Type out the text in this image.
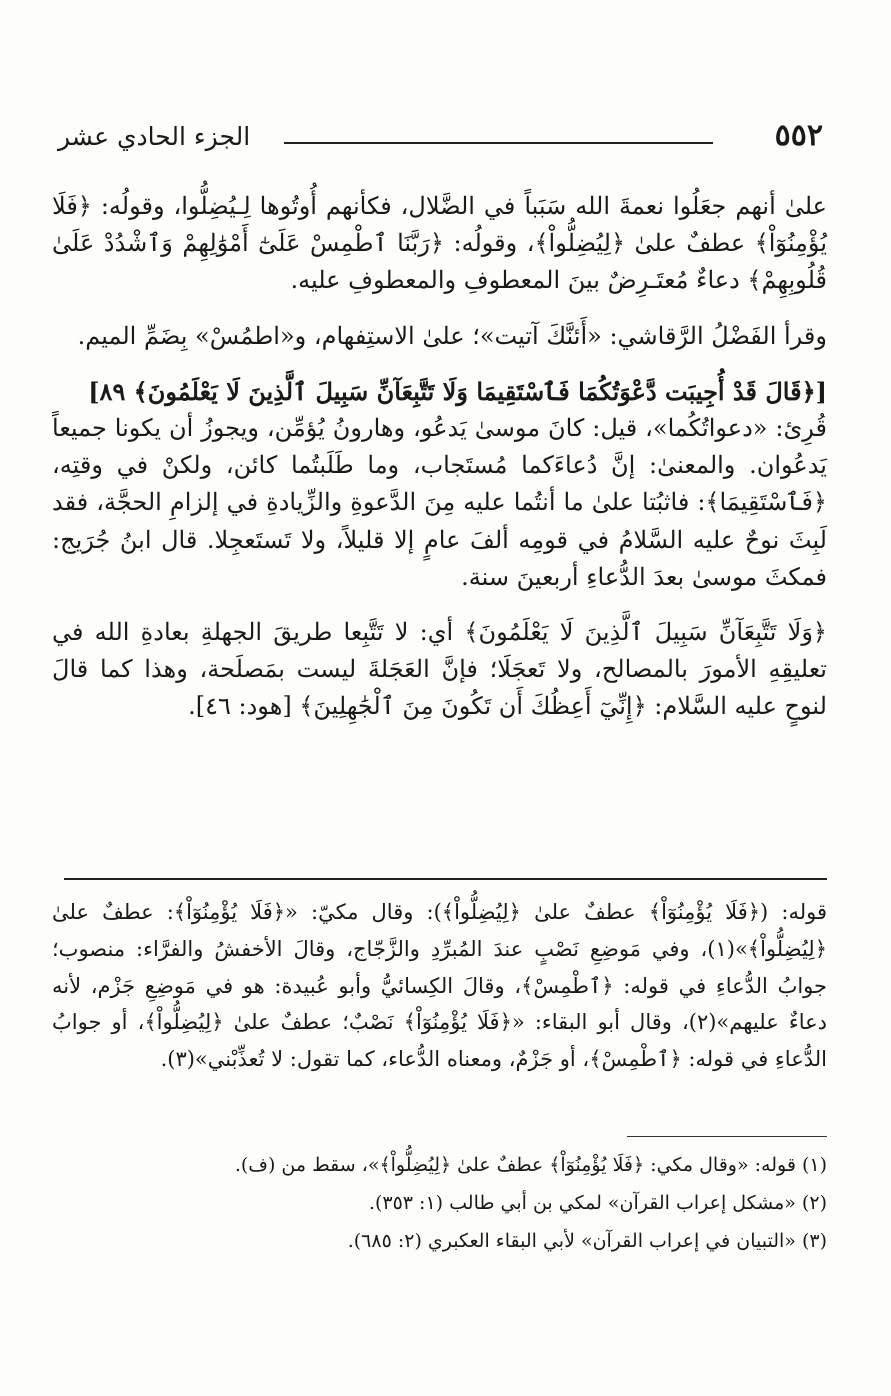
الجزء الحادي عشر	٥٥٢

علىٰ أنهم جعَلُوا نعمةَ الله سَبَباً في الضَّلال، فكأنهم أُوتُوها لِـيُضِلُّوا، وقولُه: ﴿فَلَا يُؤْمِنُوٓاْ﴾ عطفٌ علىٰ ﴿لِيُضِلُّواْ﴾، وقولُه: ﴿رَبَّنَا ٱطْمِسْ عَلَىٰٓ أَمْوَٰلِهِمْ وَٱشْدُدْ عَلَىٰ قُلُوبِهِمْ﴾ دعاءٌ مُعتَـرِضٌ بينَ المعطوفِ والمعطوفِ عليه.

وقرأ الفَضْلُ الرَّقاشي: «أَئنَّكَ آتيت»؛ علىٰ الاستِفهام، و«اطمُسْ» بِضَمِّ الميم.

[﴿قَالَ قَدْ أُجِيبَت دَّعْوَتُكُمَا فَٱسْتَقِيمَا وَلَا تَتَّبِعَآنِّ سَبِيلَ ٱلَّذِينَ لَا يَعْلَمُونَ﴾ ٨٩]

قُرِئ: «دعواتُكُما»، قيل: كانَ موسىٰ يَدعُو، وهارونُ يُؤمِّن، ويجوزُ أن يكونا جميعاً يَدعُوان. والمعنىٰ: إنَّ دُعاءَكما مُستَجاب، وما طَلَبتُما كائن، ولكنْ في وقتِه، ﴿فَٱسْتَقِيمَا﴾: فاثبُتا علىٰ ما أنتُما عليه مِنَ الدَّعوةِ والزِّيادةِ في إلزامِ الحجَّة، فقد لَبِثَ نوحٌ عليه السَّلامُ في قومِه ألفَ عامٍ إلا قليلاً، ولا تَستَعجِلا. قال ابنُ جُرَيج: فمكثَ موسىٰ بعدَ الدُّعاءِ أربعينَ سنة.

﴿وَلَا تَتَّبِعَآنِّ سَبِيلَ ٱلَّذِينَ لَا يَعْلَمُونَ﴾ أي: لا تَتَّبِعا طريقَ الجهلةِ بعادةِ الله في تعليقِهِ الأمورَ بالمصالح، ولا تَعجَلَا؛ فإنَّ العَجَلةَ ليست بمَصلَحة، وهذا كما قالَ لنوحٍ عليه السَّلام: ﴿إِنِّيٓ أَعِظُكَ أَن تَكُونَ مِنَ ٱلْجَٰهِلِينَ﴾ [هود: ٤٦].

قوله: (﴿فَلَا يُؤْمِنُوٓاْ﴾ عطفٌ علىٰ ﴿لِيُضِلُّواْ﴾): وقال مكيّ: «﴿فَلَا يُؤْمِنُوٓاْ﴾: عطفٌ علىٰ ﴿لِيُضِلُّواْ﴾»(١)، وفي مَوضِعِ نَصْبٍ عندَ المُبرِّدِ والزَّجّاج، وقالَ الأخفشُ والفرَّاء: منصوب؛ جوابُ الدُّعاءِ في قوله: ﴿ٱطْمِسْ﴾، وقالَ الكِسائيُّ وأبو عُبيدة: هو في مَوضِعِ جَزْم، لأنه دعاءٌ عليهم»(٢)، وقال أبو البقاء: «﴿فَلَا يُؤْمِنُوٓاْ﴾ نَصْبٌ؛ عطفٌ علىٰ ﴿لِيُضِلُّواْ﴾، أو جوابُ الدُّعاءِ في قوله: ﴿ٱطْمِسْ﴾، أو جَزْمٌ، ومعناه الدُّعاء، كما تقول: لا تُعذِّبْني»(٣).

(١) قوله: «وقال مكي: ﴿فَلَا يُؤْمِنُوٓاْ﴾ عطفٌ علىٰ ﴿لِيُضِلُّواْ﴾»، سقط من (ف).

(٢) «مشكل إعراب القرآن» لمكي بن أبي طالب (١: ٣٥٣).

(٣) «التبيان في إعراب القرآن» لأبي البقاء العكبري (٢: ٦٨٥).
